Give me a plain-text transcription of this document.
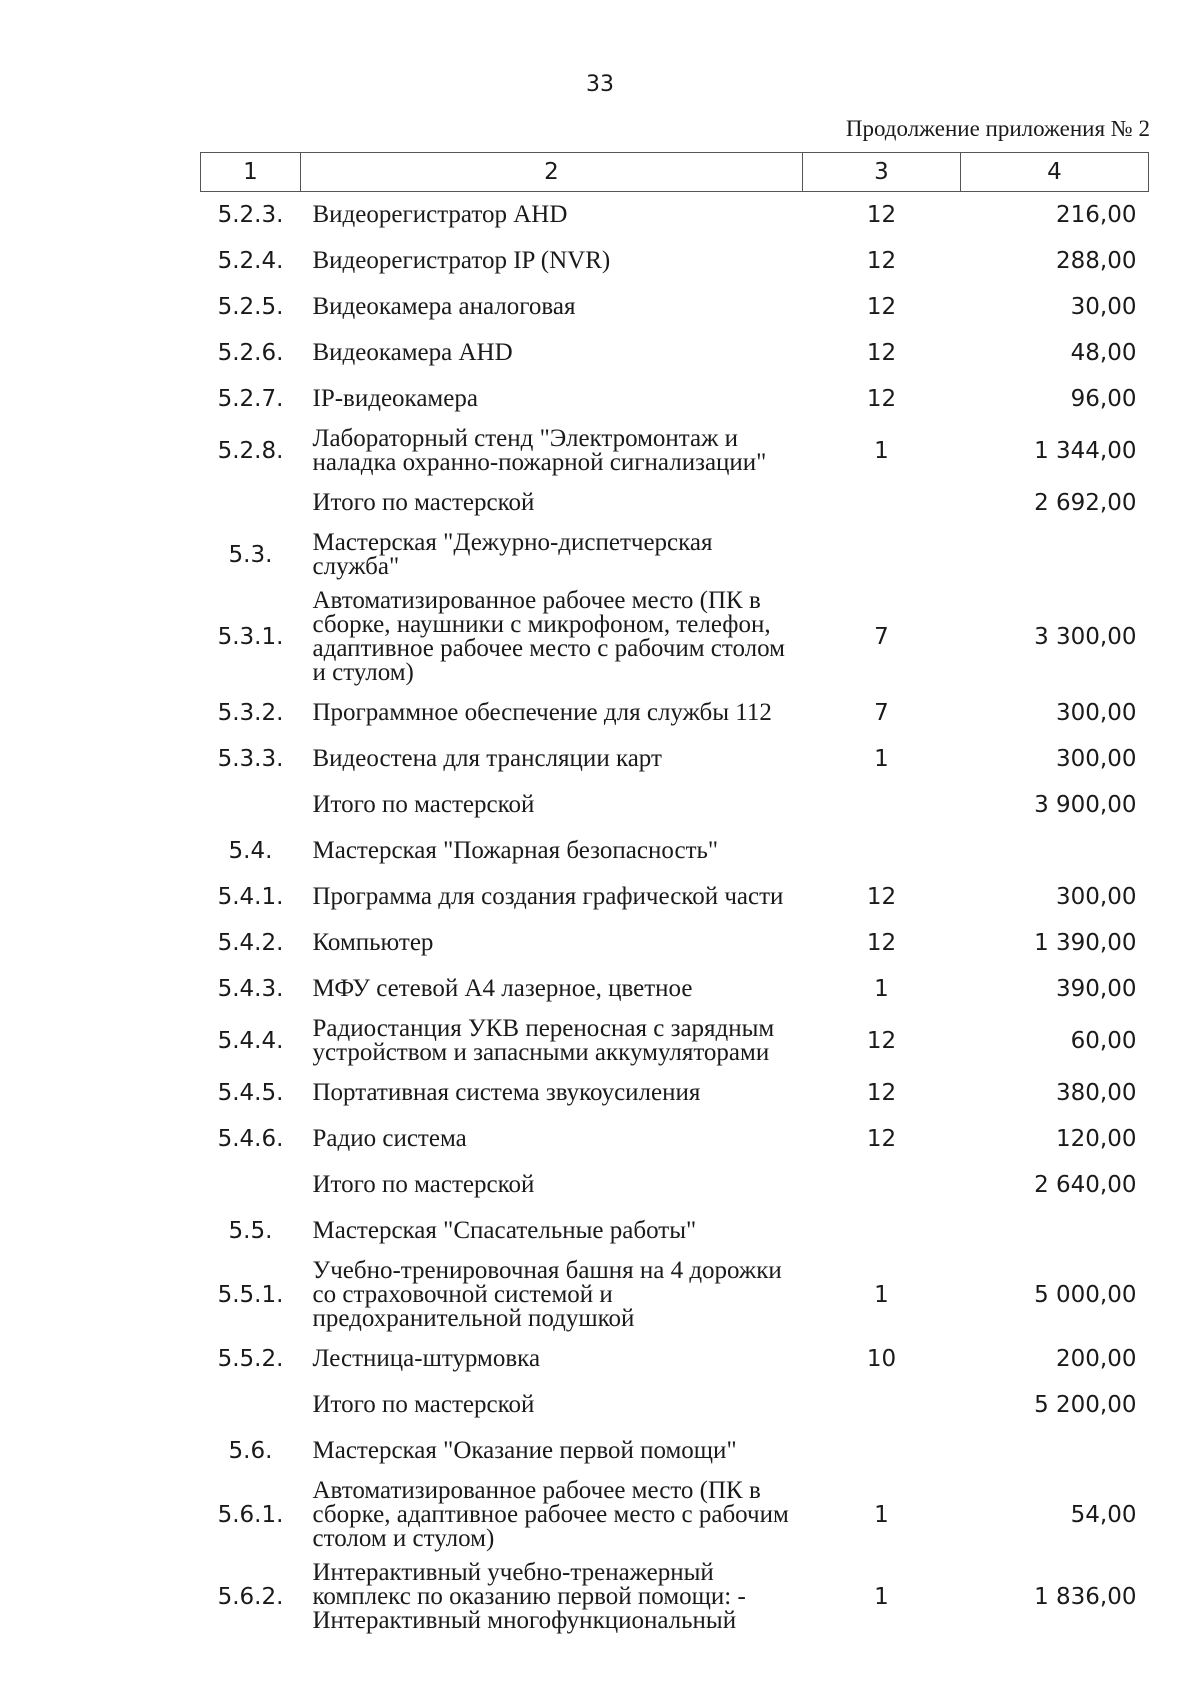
33
Продолжение приложения № 2
1	2	3	4
5.2.3.	Видеорегистратор AHD	12	216,00
5.2.4.	Видеорегистратор IP (NVR)	12	288,00
5.2.5.	Видеокамера аналоговая	12	30,00
5.2.6.	Видеокамера AHD	12	48,00
5.2.7.	IP-видеокамера	12	96,00
5.2.8.	Лабораторный стенд "Электромонтаж и наладка охранно-пожарной сигнализации"	1	1 344,00
	Итого по мастерской		2 692,00
5.3.	Мастерская "Дежурно-диспетчерская служба"		
5.3.1.	Автоматизированное рабочее место (ПК в сборке, наушники с микрофоном, телефон, адаптивное рабочее место с рабочим столом и стулом)	7	3 300,00
5.3.2.	Программное обеспечение для службы 112	7	300,00
5.3.3.	Видеостена для трансляции карт	1	300,00
	Итого по мастерской		3 900,00
5.4.	Мастерская "Пожарная безопасность"		
5.4.1.	Программа для создания графической части	12	300,00
5.4.2.	Компьютер	12	1 390,00
5.4.3.	МФУ сетевой А4 лазерное, цветное	1	390,00
5.4.4.	Радиостанция УКВ переносная с зарядным устройством и запасными аккумуляторами	12	60,00
5.4.5.	Портативная система звукоусиления	12	380,00
5.4.6.	Радио система	12	120,00
	Итого по мастерской		2 640,00
5.5.	Мастерская "Спасательные работы"		
5.5.1.	Учебно-тренировочная башня на 4 дорожки со страховочной системой и предохранительной подушкой	1	5 000,00
5.5.2.	Лестница-штурмовка	10	200,00
	Итого по мастерской		5 200,00
5.6.	Мастерская "Оказание первой помощи"		
5.6.1.	Автоматизированное рабочее место (ПК в сборке, адаптивное рабочее место с рабочим столом и стулом)	1	54,00
5.6.2.	Интерактивный учебно-тренажерный комплекс по оказанию первой помощи: - Интерактивный многофункциональный	1	1 836,00
